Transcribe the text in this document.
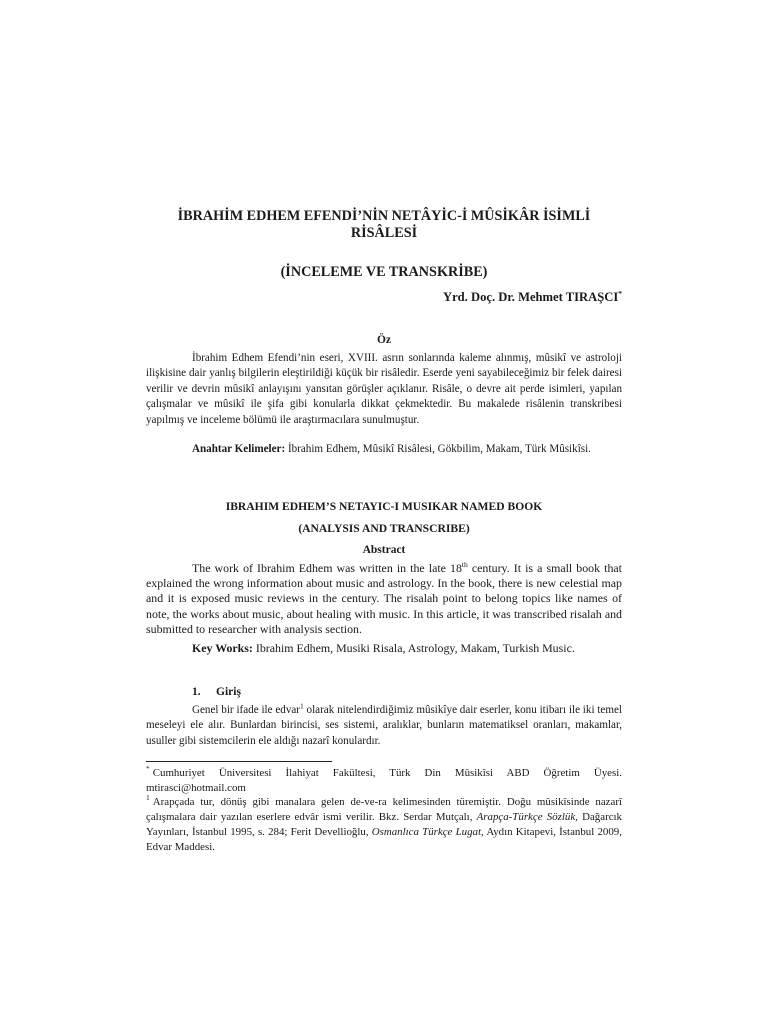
İBRAHİM EDHEM EFENDİ’NİN NETÂYİC-İ MÛSİKÂR İSİMLİ
RİSÂLESİ
(İNCELEME VE TRANSKRİBE)
Yrd. Doç. Dr. Mehmet TIRAŞCI*
Öz

İbrahim Edhem Efendi’nin eseri, XVIII. asrın sonlarında kaleme alınmış, mûsikî ve astroloji ilişkisine dair yanlış bilgilerin eleştirildiği küçük bir risâledir. Eserde yeni sayabileceğimiz bir felek dairesi verilir ve devrin mûsikî anlayışını yansıtan görüşler açıklanır. Risâle, o devre ait perde isimleri, yapılan çalışmalar ve mûsikî ile şifa gibi konularla dikkat çekmektedir. Bu makalede risâlenin transkribesi yapılmış ve inceleme bölümü ile araştırmacılara sunulmuştur.

Anahtar Kelimeler: İbrahim Edhem, Mûsikî Risâlesi, Gökbilim, Makam, Türk Mûsikîsi.

IBRAHIM EDHEM’S NETAYIC-I MUSIKAR NAMED BOOK
(ANALYSIS AND TRANSCRIBE)
Abstract

The work of Ibrahim Edhem was written in the late 18th century. It is a small book that explained the wrong information about music and astrology. In the book, there is new celestial map and it is exposed music reviews in the century. The risalah point to belong topics like names of note, the works about music, about healing with music. In this article, it was transcribed risalah and submitted to researcher with analysis section.

Key Works: Ibrahim Edhem, Musiki Risala, Astrology, Makam, Turkish Music.

1. Giriş

Genel bir ifade ile edvar$^1$ olarak nitelendirdiğimiz mûsikîye dair eserler, konu itibarı ile iki temel meseleyi ele alır. Bunlardan birincisi, ses sistemi, aralıklar, bunların matematiksel oranları, makamlar, usuller gibi sistemcilerin ele aldığı nazarî konulardır.

* Cumhuriyet Üniversitesi İlahiyat Fakültesi, Türk Din Mûsikîsi ABD Öğretim Üyesi. mtirasci@hotmail.com

$^1$ Arapçada tur, dönüş gibi manalara gelen de-ve-ra kelimesinden türemiştir. Doğu mûsikîsinde nazarî çalışmalara dair yazılan eserlere edvâr ismi verilir. Bkz. Serdar Mutçalı, Arapça-Türkçe Sözlük, Dağarcık Yayınları, İstanbul 1995, s. 284; Ferit Devellioğlu, Osmanlıca Türkçe Lugat, Aydın Kitapevi, İstanbul 2009, Edvar Maddesi.
